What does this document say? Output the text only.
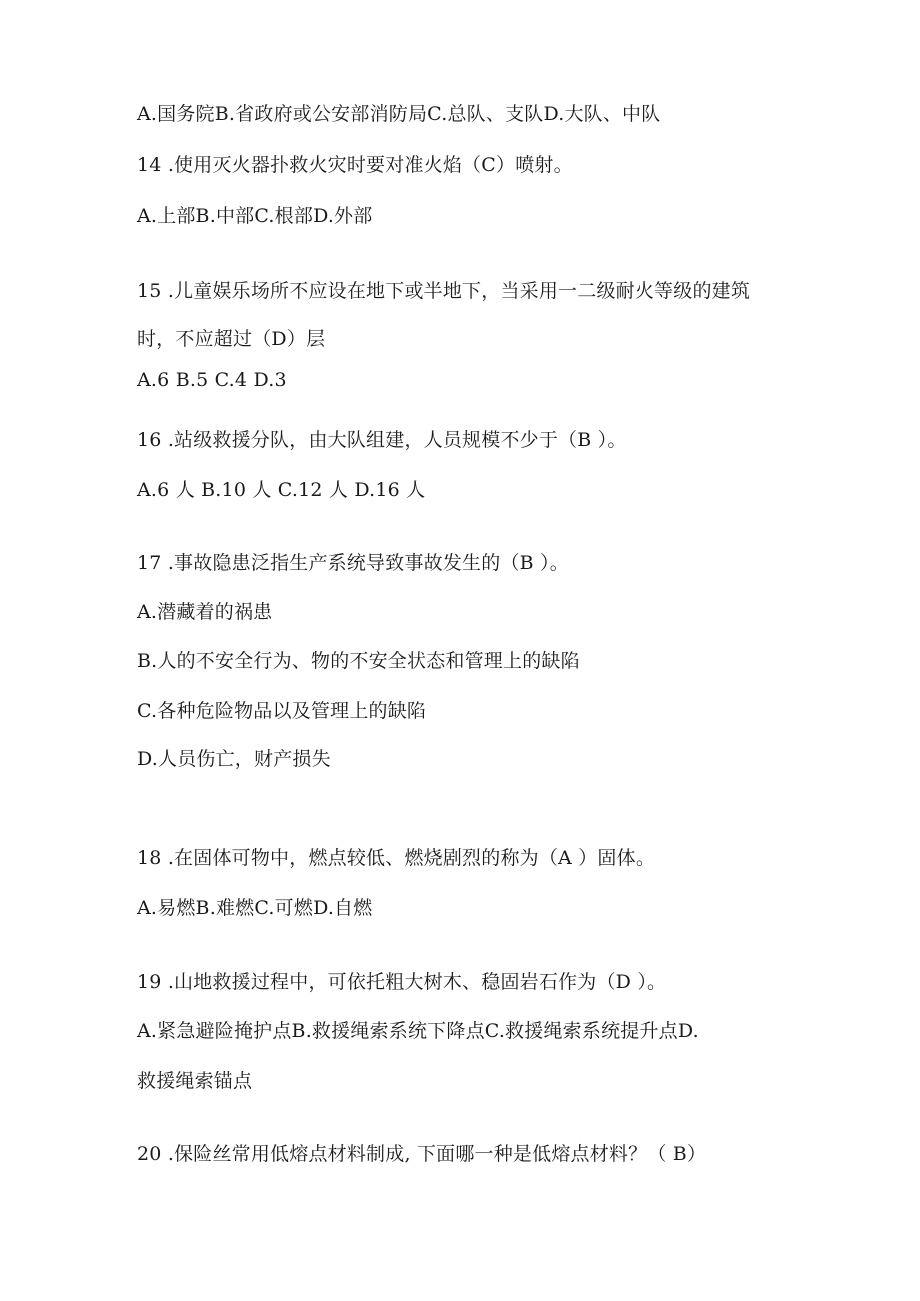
A.国务院B.省政府或公安部消防局C.总队、支队D.大队、中队
14 .使用灭火器扑救火灾时要对准火焰（C）喷射。
A.上部B.中部C.根部D.外部
15 .儿童娱乐场所不应设在地下或半地下，当采用一二级耐火等级的建筑
时，不应超过（D）层
A.6 B.5 C.4 D.3
16 .站级救援分队，由大队组建，人员规模不少于（B ）。
A.6 人 B.10 人 C.12 人 D.16 人
17 .事故隐患泛指生产系统导致事故发生的（B ）。
A.潜藏着的祸患
B.人的不安全行为、物的不安全状态和管理上的缺陷
C.各种危险物品以及管理上的缺陷
D.人员伤亡，财产损失
18 .在固体可物中，燃点较低、燃烧剧烈的称为（A ）固体。
A.易燃B.难燃C.可燃D.自燃
19 .山地救援过程中，可依托粗大树木、稳固岩石作为（D ）。
A.紧急避险掩护点B.救援绳索系统下降点C.救援绳索系统提升点D.
救援绳索锚点
20 .保险丝常用低熔点材料制成, 下面哪一种是低熔点材料？（ B）
